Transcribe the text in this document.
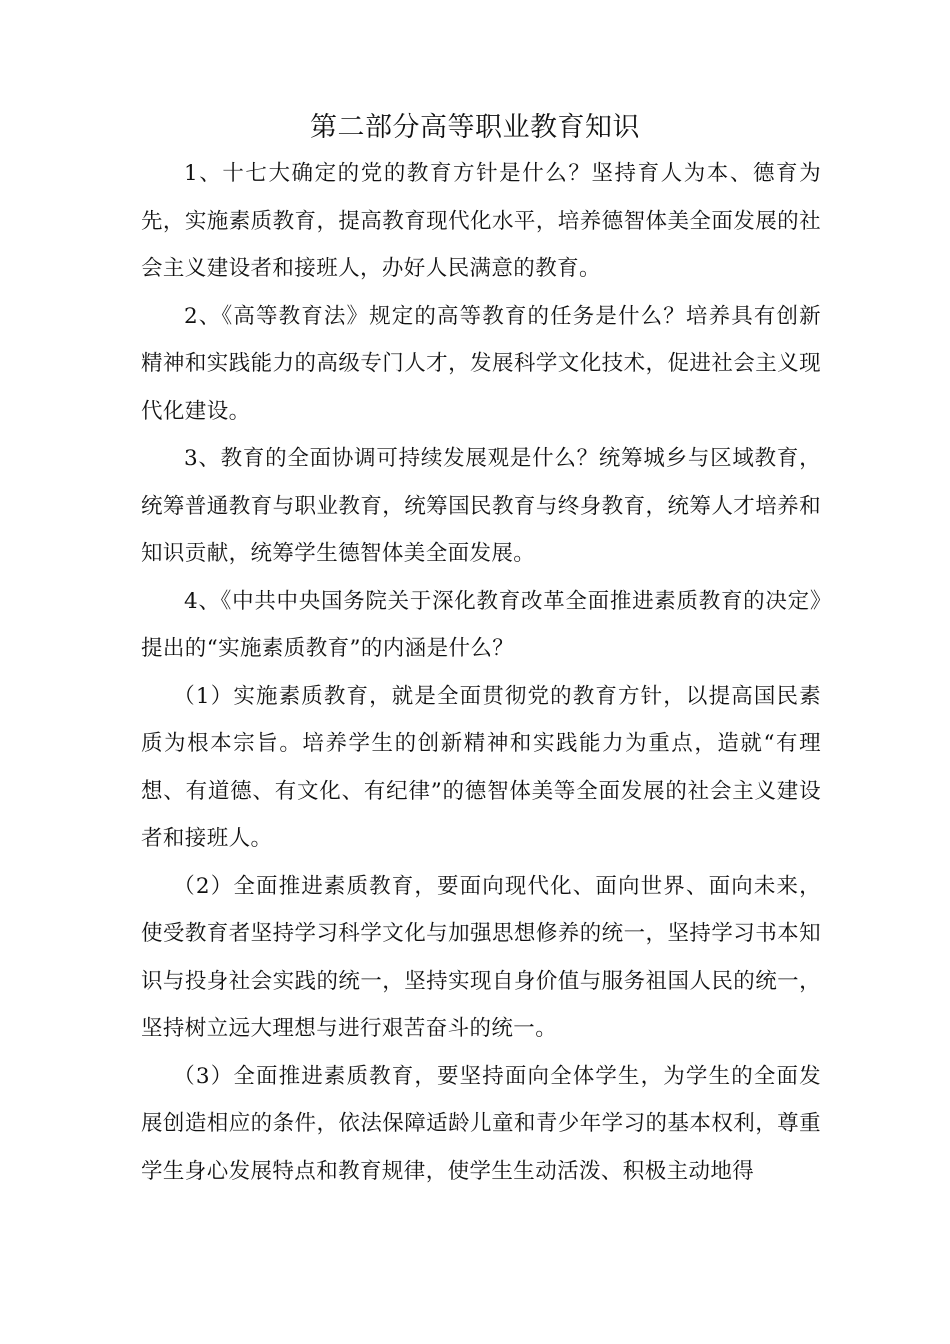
第二部分高等职业教育知识

1、十七大确定的党的教育方针是什么？坚持育人为本、德育为先，实施素质教育，提高教育现代化水平，培养德智体美全面发展的社会主义建设者和接班人，办好人民满意的教育。

2、《高等教育法》规定的高等教育的任务是什么？培养具有创新精神和实践能力的高级专门人才，发展科学文化技术，促进社会主义现代化建设。

3、教育的全面协调可持续发展观是什么？统筹城乡与区域教育，统筹普通教育与职业教育，统筹国民教育与终身教育，统筹人才培养和知识贡献，统筹学生德智体美全面发展。

4、《中共中央国务院关于深化教育改革全面推进素质教育的决定》提出的“实施素质教育”的内涵是什么？

（1）实施素质教育，就是全面贯彻党的教育方针，以提高国民素质为根本宗旨。培养学生的创新精神和实践能力为重点，造就“有理想、有道德、有文化、有纪律”的德智体美等全面发展的社会主义建设者和接班人。

（2）全面推进素质教育，要面向现代化、面向世界、面向未来，使受教育者坚持学习科学文化与加强思想修养的统一，坚持学习书本知识与投身社会实践的统一，坚持实现自身价值与服务祖国人民的统一，坚持树立远大理想与进行艰苦奋斗的统一。

（3）全面推进素质教育，要坚持面向全体学生，为学生的全面发展创造相应的条件，依法保障适龄儿童和青少年学习的基本权利，尊重学生身心发展特点和教育规律，使学生生动活泼、积极主动地得
